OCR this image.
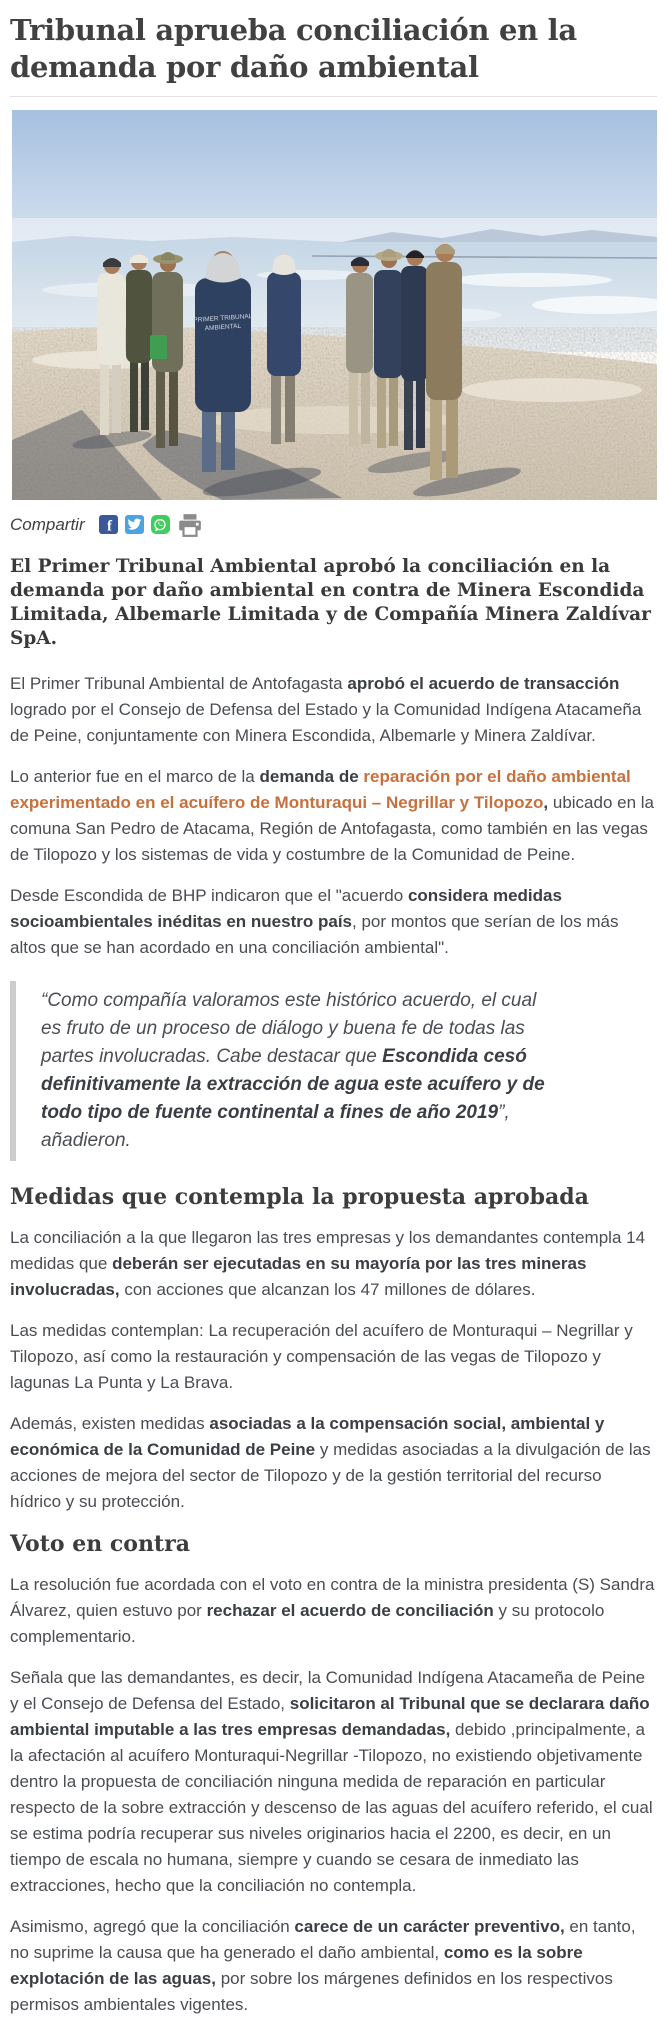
Tribunal aprueba conciliación en la demanda por daño ambiental
PRIMER TRIBUNAL
AMBIENTAL
Compartir f

El Primer Tribunal Ambiental aprobó la conciliación en la demanda por daño ambiental en contra de Minera Escondida Limitada, Albemarle Limitada y de Compañía Minera Zaldívar SpA.

El Primer Tribunal Ambiental de Antofagasta aprobó el acuerdo de transacción logrado por el Consejo de Defensa del Estado y la Comunidad Indígena Atacameña de Peine, conjuntamente con Minera Escondida, Albemarle y Minera Zaldívar.

Lo anterior fue en el marco de la demanda de reparación por el daño ambiental experimentado en el acuífero de Monturaqui – Negrillar y Tilopozo, ubicado en la comuna San Pedro de Atacama, Región de Antofagasta, como también en las vegas de Tilopozo y los sistemas de vida y costumbre de la Comunidad de Peine.

Desde Escondida de BHP indicaron que el "acuerdo considera medidas socioambientales inéditas en nuestro país, por montos que serían de los más altos que se han acordado en una conciliación ambiental".

“Como compañía valoramos este histórico acuerdo, el cual es fruto de un proceso de diálogo y buena fe de todas las partes involucradas. Cabe destacar que Escondida cesó definitivamente la extracción de agua este acuífero y de todo tipo de fuente continental a fines de año 2019”, añadieron.
Medidas que contempla la propuesta aprobada

La conciliación a la que llegaron las tres empresas y los demandantes contempla 14 medidas que deberán ser ejecutadas en su mayoría por las tres mineras involucradas, con acciones que alcanzan los 47 millones de dólares.

Las medidas contemplan: La recuperación del acuífero de Monturaqui – Negrillar y Tilopozo, así como la restauración y compensación de las vegas de Tilopozo y lagunas La Punta y La Brava.

Además, existen medidas asociadas a la compensación social, ambiental y económica de la Comunidad de Peine y medidas asociadas a la divulgación de las acciones de mejora del sector de Tilopozo y de la gestión territorial del recurso hídrico y su protección.

Voto en contra

La resolución fue acordada con el voto en contra de la ministra presidenta (S) Sandra Álvarez, quien estuvo por rechazar el acuerdo de conciliación y su protocolo complementario.

Señala que las demandantes, es decir, la Comunidad Indígena Atacameña de Peine y el Consejo de Defensa del Estado, solicitaron al Tribunal que se declarara daño ambiental imputable a las tres empresas demandadas, debido ,principalmente, a la afectación al acuífero Monturaqui-Negrillar -Tilopozo, no existiendo objetivamente dentro la propuesta de conciliación ninguna medida de reparación en particular respecto de la sobre extracción y descenso de las aguas del acuífero referido, el cual se estima podría recuperar sus niveles originarios hacia el 2200, es decir, en un tiempo de escala no humana, siempre y cuando se cesara de inmediato las extracciones, hecho que la conciliación no contempla.

Asimismo, agregó que la conciliación carece de un carácter preventivo, en tanto, no suprime la causa que ha generado el daño ambiental, como es la sobre explotación de las aguas, por sobre los márgenes definidos en los respectivos permisos ambientales vigentes.
